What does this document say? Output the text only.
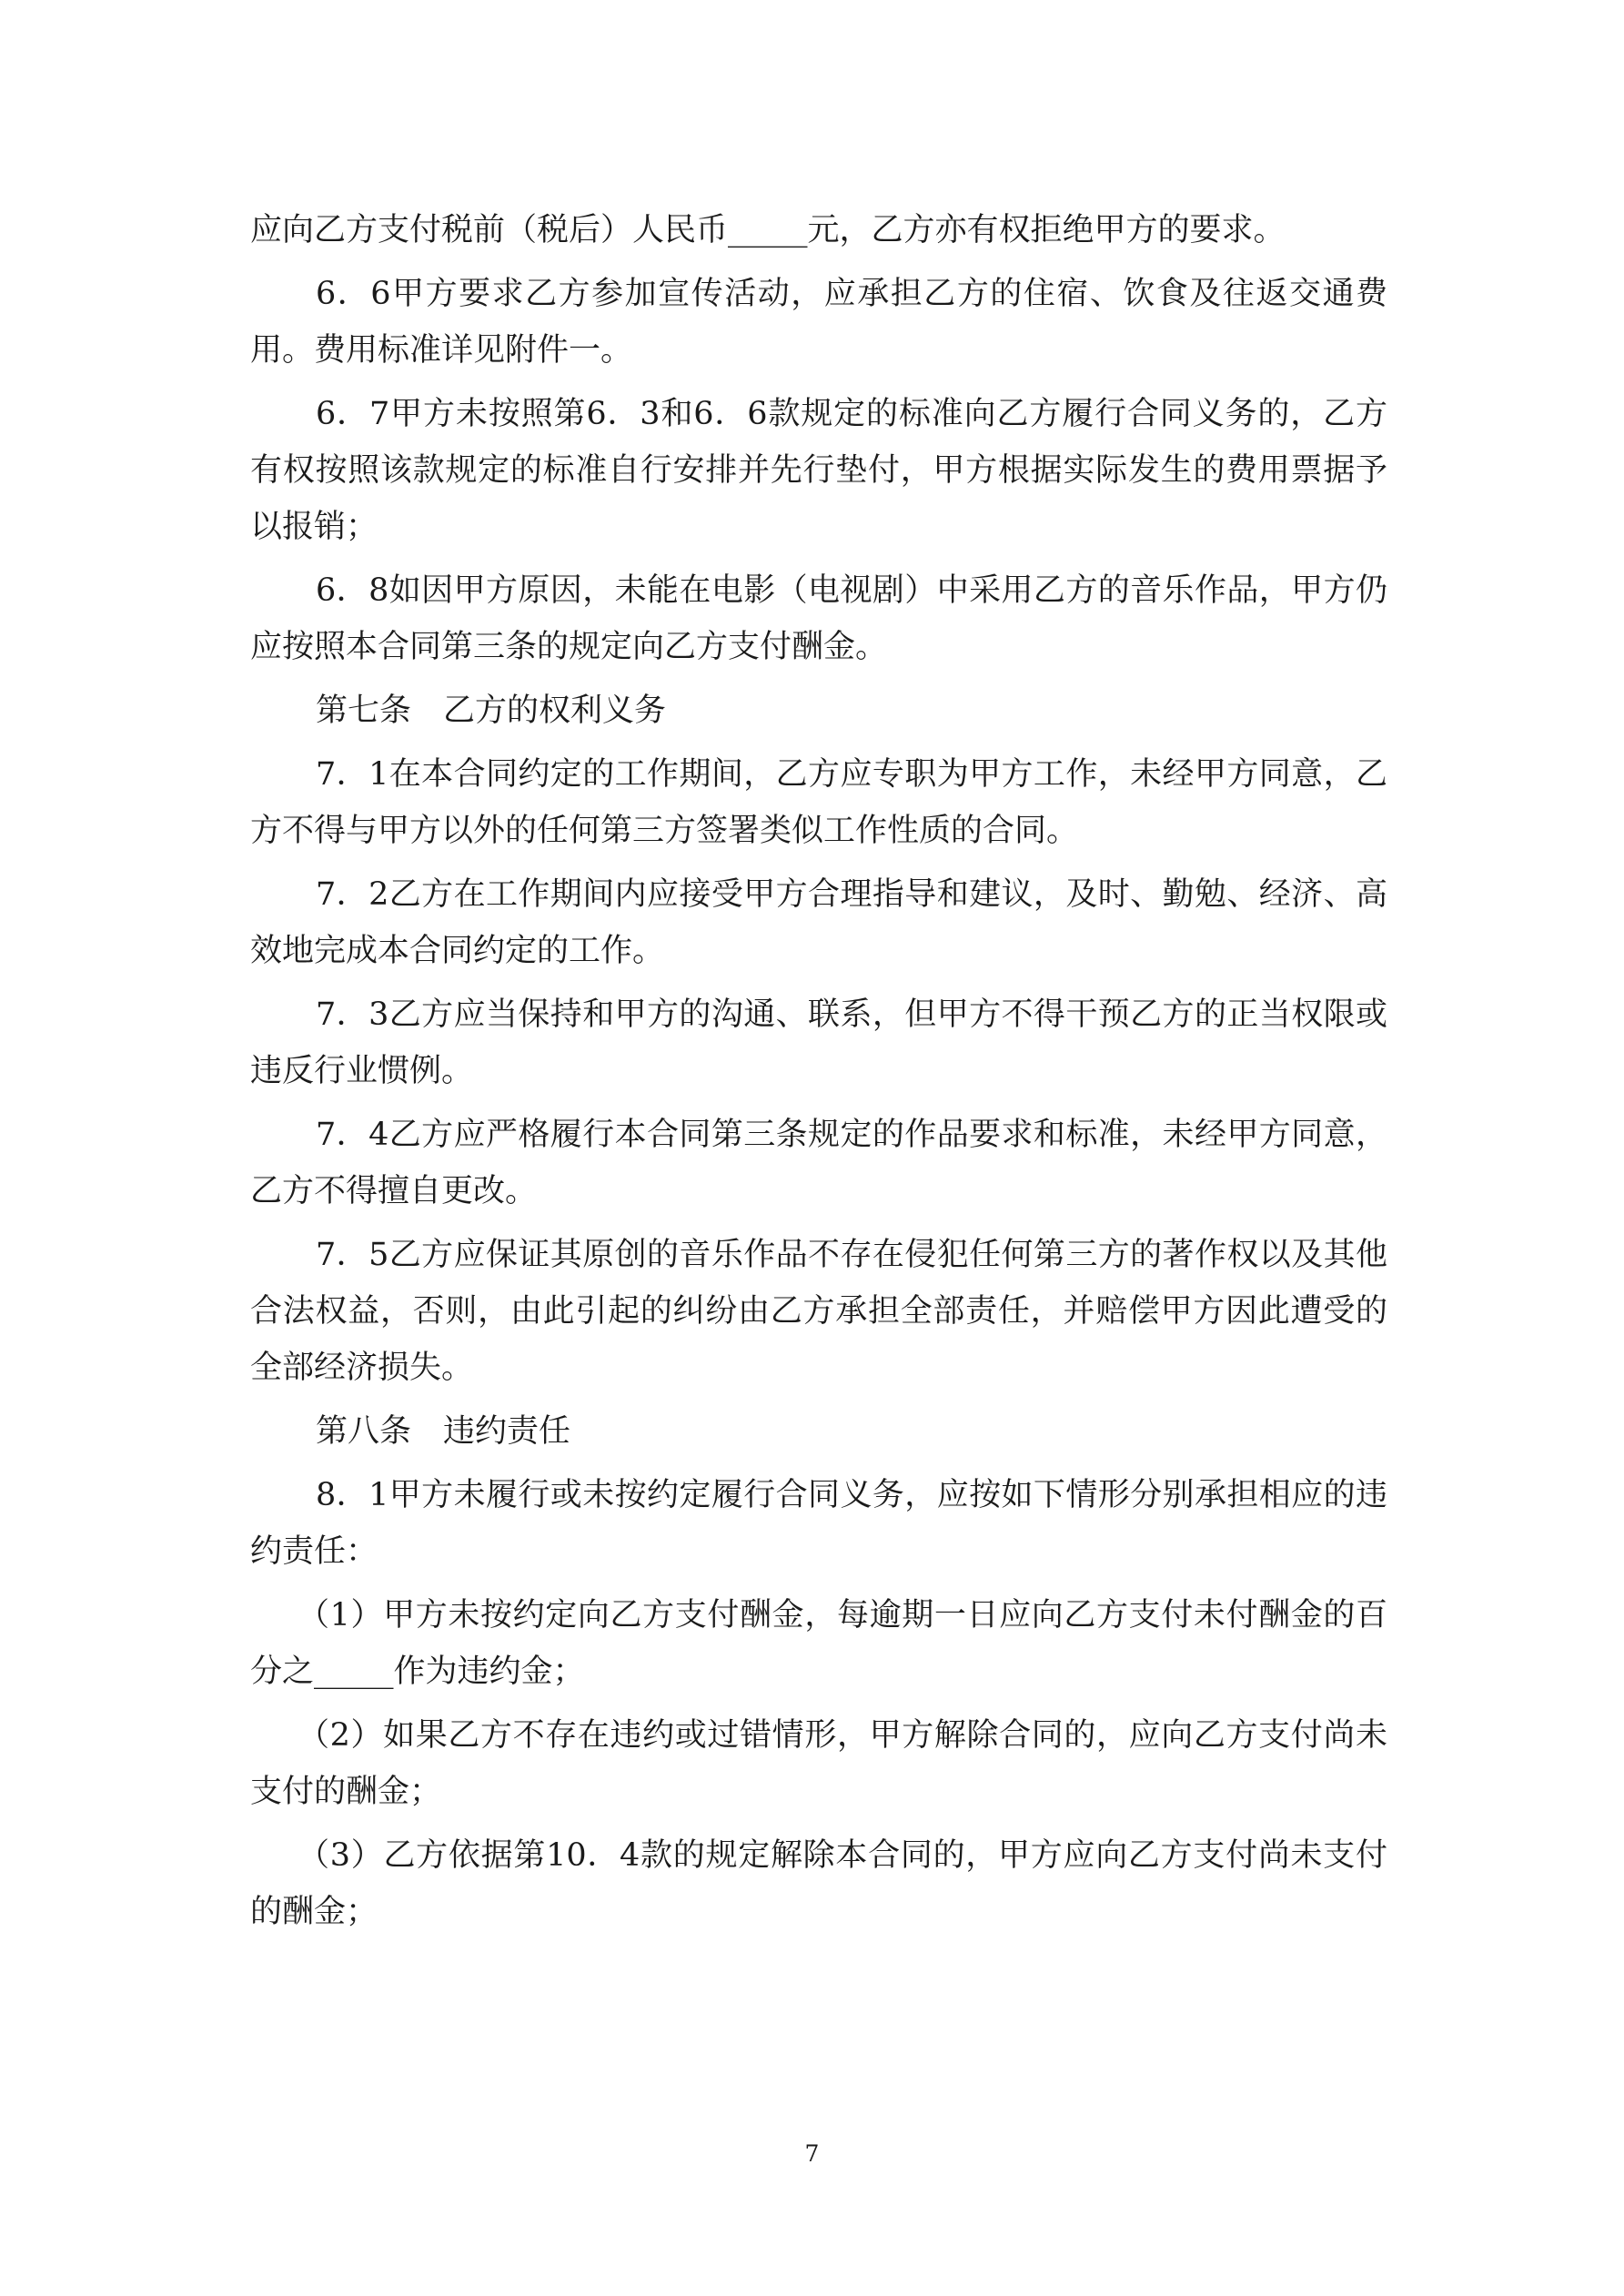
应向乙方支付税前（税后）人民币_____元，乙方亦有权拒绝甲方的要求。

6．6甲方要求乙方参加宣传活动，应承担乙方的住宿、饮食及往返交通费用。费用标准详见附件一。

6．7甲方未按照第6．3和6．6款规定的标准向乙方履行合同义务的，乙方有权按照该款规定的标准自行安排并先行垫付，甲方根据实际发生的费用票据予以报销；

6．8如因甲方原因，未能在电影（电视剧）中采用乙方的音乐作品，甲方仍应按照本合同第三条的规定向乙方支付酬金。

第七条　乙方的权利义务

7．1在本合同约定的工作期间，乙方应专职为甲方工作，未经甲方同意，乙方不得与甲方以外的任何第三方签署类似工作性质的合同。

7．2乙方在工作期间内应接受甲方合理指导和建议，及时、勤勉、经济、高效地完成本合同约定的工作。

7．3乙方应当保持和甲方的沟通、联系，但甲方不得干预乙方的正当权限或违反行业惯例。

7．4乙方应严格履行本合同第三条规定的作品要求和标准，未经甲方同意，乙方不得擅自更改。

7．5乙方应保证其原创的音乐作品不存在侵犯任何第三方的著作权以及其他合法权益，否则，由此引起的纠纷由乙方承担全部责任，并赔偿甲方因此遭受的全部经济损失。

第八条　违约责任

8．1甲方未履行或未按约定履行合同义务，应按如下情形分别承担相应的违约责任：

（1）甲方未按约定向乙方支付酬金，每逾期一日应向乙方支付未付酬金的百分之_____作为违约金；

（2）如果乙方不存在违约或过错情形，甲方解除合同的，应向乙方支付尚未支付的酬金；

（3）乙方依据第10．4款的规定解除本合同的，甲方应向乙方支付尚未支付的酬金；

7
